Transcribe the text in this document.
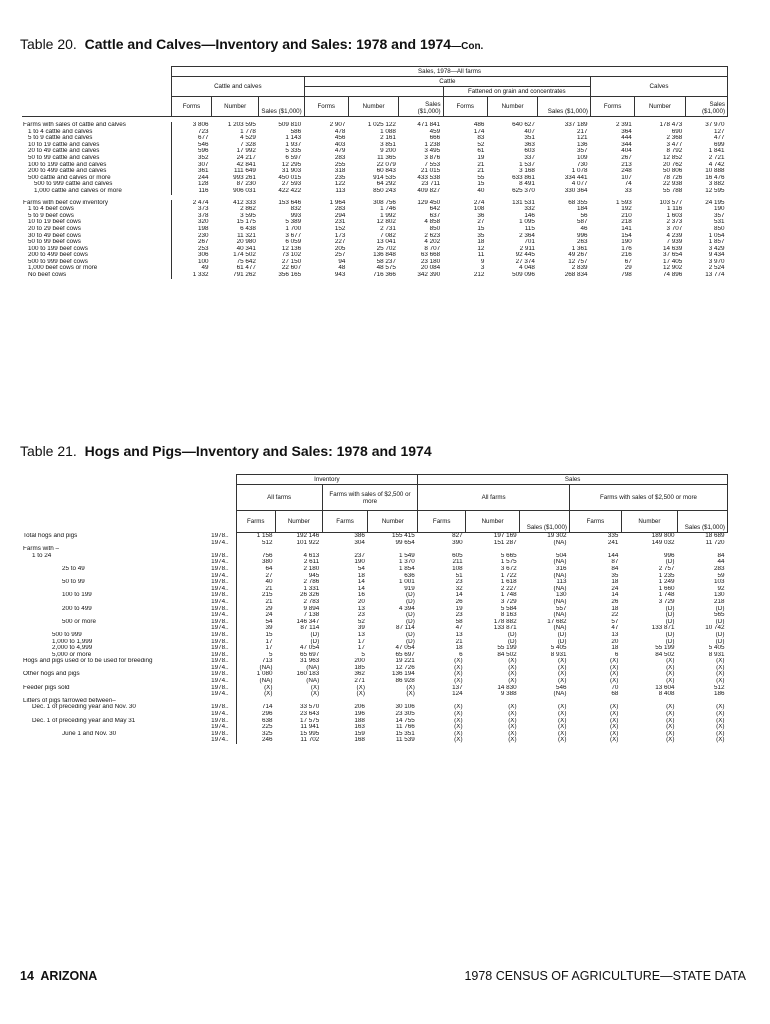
Table 20. Cattle and Calves—Inventory and Sales: 1978 and 1974—Con.
	Sales, 1978—All farms											
	Cattle and calves			Cattle						Calves		
							Fattened on grain and concentrates					
	Forms	Number	Sales ($1,000)	Forms	Number	Sales ($1,000)	Forms	Number	Sales ($1,000)	Forms	Number	Sales ($1,000)

Farms with sales of cattle and calves	3 806	1 203 595	509 810	2 907	1 025 122	471 841	486	640 627	337 189	2 391	178 473	37 970
1 to 4 cattle and calves	723	1 778	586	478	1 088	459	174	407	217	364	690	127
5 to 9 cattle and calves	677	4 529	1 143	456	2 161	666	83	351	121	444	2 368	477
10 to 19 cattle and calves	546	7 328	1 937	403	3 851	1 238	52	363	136	344	3 477	699
20 to 49 cattle and calves	596	17 992	5 335	479	9 200	3 495	61	603	357	404	8 792	1 841
50 to 99 cattle and calves	352	24 217	6 597	283	11 365	3 876	19	337	109	267	12 852	2 721
100 to 199 cattle and calves	307	42 841	12 295	255	22 079	7 553	21	1 537	730	213	20 762	4 742
200 to 499 cattle and calves	361	111 649	31 903	318	60 843	21 015	21	3 168	1 078	248	50 806	10 888
500 cattle and calves or more	244	993 261	450 015	235	914 535	433 538	55	633 861	334 441	107	78 726	16 476
500 to 999 cattle and calves	128	87 230	27 593	122	64 292	23 711	15	8 491	4 077	74	22 938	3 882
1,000 cattle and calves or more	116	906 031	422 422	113	850 243	409 827	40	625 370	330 364	33	55 788	12 595

Farms with beef cow inventory	2 474	412 333	153 646	1 964	308 756	129 450	274	131 531	68 355	1 593	103 577	24 195
1 to 4 beef cows	373	2 862	832	283	1 746	642	108	332	184	192	1 116	190
5 to 9 beef cows	378	3 595	993	294	1 992	637	36	146	56	210	1 603	357
10 to 19 beef cows	320	15 175	5 389	231	12 802	4 858	27	1 095	587	218	2 373	531
20 to 29 beef cows	198	6 438	1 700	152	2 731	850	15	115	46	141	3 707	850
30 to 49 beef cows	230	11 321	3 677	173	7 082	2 623	35	2 364	996	154	4 239	1 054
50 to 99 beef cows	267	20 980	6 059	227	13 041	4 202	18	701	263	190	7 939	1 857
100 to 199 beef cows	253	40 341	12 136	205	25 702	8 707	12	2 911	1 361	176	14 639	3 429
200 to 499 beef cows	306	174 502	73 102	257	136 848	63 668	11	92 445	49 267	216	37 654	9 434
500 to 999 beef cows	100	75 642	27 150	94	58 237	23 180	9	27 374	12 757	67	17 405	3 970
1,000 beef cows or more	49	61 477	22 607	48	48 575	20 084	3	4 048	2 839	29	12 902	2 524
No beef cows	1 332	791 262	356 165	943	716 366	342 390	212	509 096	268 834	798	74 896	13 774
Table 21. Hogs and Pigs—Inventory and Sales: 1978 and 1974
		Inventory				Sales					
		All farms		Farms with sales of $2,500 or more		All farms			Farms with sales of $2,500 or more		
		Farms	Number	Farms	Number	Farms	Number	Sales ($1,000)	Farms	Number	Sales ($1,000)
Total hogs and pigs	1978..	1 158	192 146	386	155 415	827	197 169	19 302	335	189 800	18 689
	1974..	512	101 922	304	99 654	390	151 287	(NA)	241	149 032	11 720
Farms with –											
1 to 24	1978..	756	4 613	237	1 549	605	5 665	504	144	996	84
	1974..	380	2 611	190	1 370	211	1 575	(NA)	87	(D)	44
25 to 49	1978..	64	2 180	54	1 854	108	3 672	316	84	2 757	283
	1974..	27	945	18	636	51	1 722	(NA)	35	1 235	59
50 to 99	1978..	40	2 786	14	1 001	23	1 618	113	18	1 249	103
	1974..	21	1 331	14	919	32	2 227	(NA)	24	1 660	92
100 to 199	1978..	215	26 326	16	(D)	14	1 748	130	14	1 748	130
	1974..	21	2 783	20	(D)	26	3 729	(NA)	26	3 729	218
200 to 499	1978..	29	9 894	13	4 394	19	5 584	557	18	(D)	(D)
	1974..	24	7 138	23	(D)	23	8 163	(NA)	22	(D)	565
500 or more	1978..	54	146 347	52	(D)	58	178 882	17 682	57	(D)	(D)
	1974..	39	87 114	39	87 114	47	133 871	(NA)	47	133 871	10 742

500 to 999	1978..	15	(D)	13	(D)	13	(D)	(D)	13	(D)	(D)
1,000 to 1,999	1978..	17	(D)	17	(D)	21	(D)	(D)	20	(D)	(D)
2,000 to 4,999	1978..	17	47 054	17	47 054	18	55 199	5 405	18	55 199	5 405
5,000 or more	1978..	5	65 697	5	65 697	6	84 502	8 931	6	84 502	8 931

Hogs and pigs used or to be used for breeding	1978..	713	31 963	200	19 221	(X)	(X)	(X)	(X)	(X)	(X)
	1974..	(NA)	(NA)	185	12 726	(X)	(X)	(X)	(X)	(X)	(X)
Other hogs and pigs	1978..	1 080	160 183	362	136 194	(X)	(X)	(X)	(X)	(X)	(X)
	1974..	(NA)	(NA)	271	86 928	(X)	(X)	(X)	(X)	(X)	(X)
Feeder pigs sold	1978..	(X)	(X)	(X)	(X)	137	14 830	546	70	13 604	512
	1974..	(X)	(X)	(X)	(X)	124	9 388	(NA)	68	8 408	186

Litters of pigs farrowed between–											
Dec. 1 of preceding year and Nov. 30	1978..	714	33 570	206	30 106	(X)	(X)	(X)	(X)	(X)	(X)
	1974..	296	23 643	196	23 305	(X)	(X)	(X)	(X)	(X)	(X)
Dec. 1 of preceding year and May 31	1978..	638	17 575	188	14 755	(X)	(X)	(X)	(X)	(X)	(X)
	1974..	225	11 941	163	11 766	(X)	(X)	(X)	(X)	(X)	(X)
June 1 and Nov. 30	1978..	325	15 995	159	15 351	(X)	(X)	(X)	(X)	(X)	(X)
	1974..	246	11 702	168	11 539	(X)	(X)	(X)	(X)	(X)	(X)
14 ARIZONA	1978 CENSUS OF AGRICULTURE—STATE DATA
